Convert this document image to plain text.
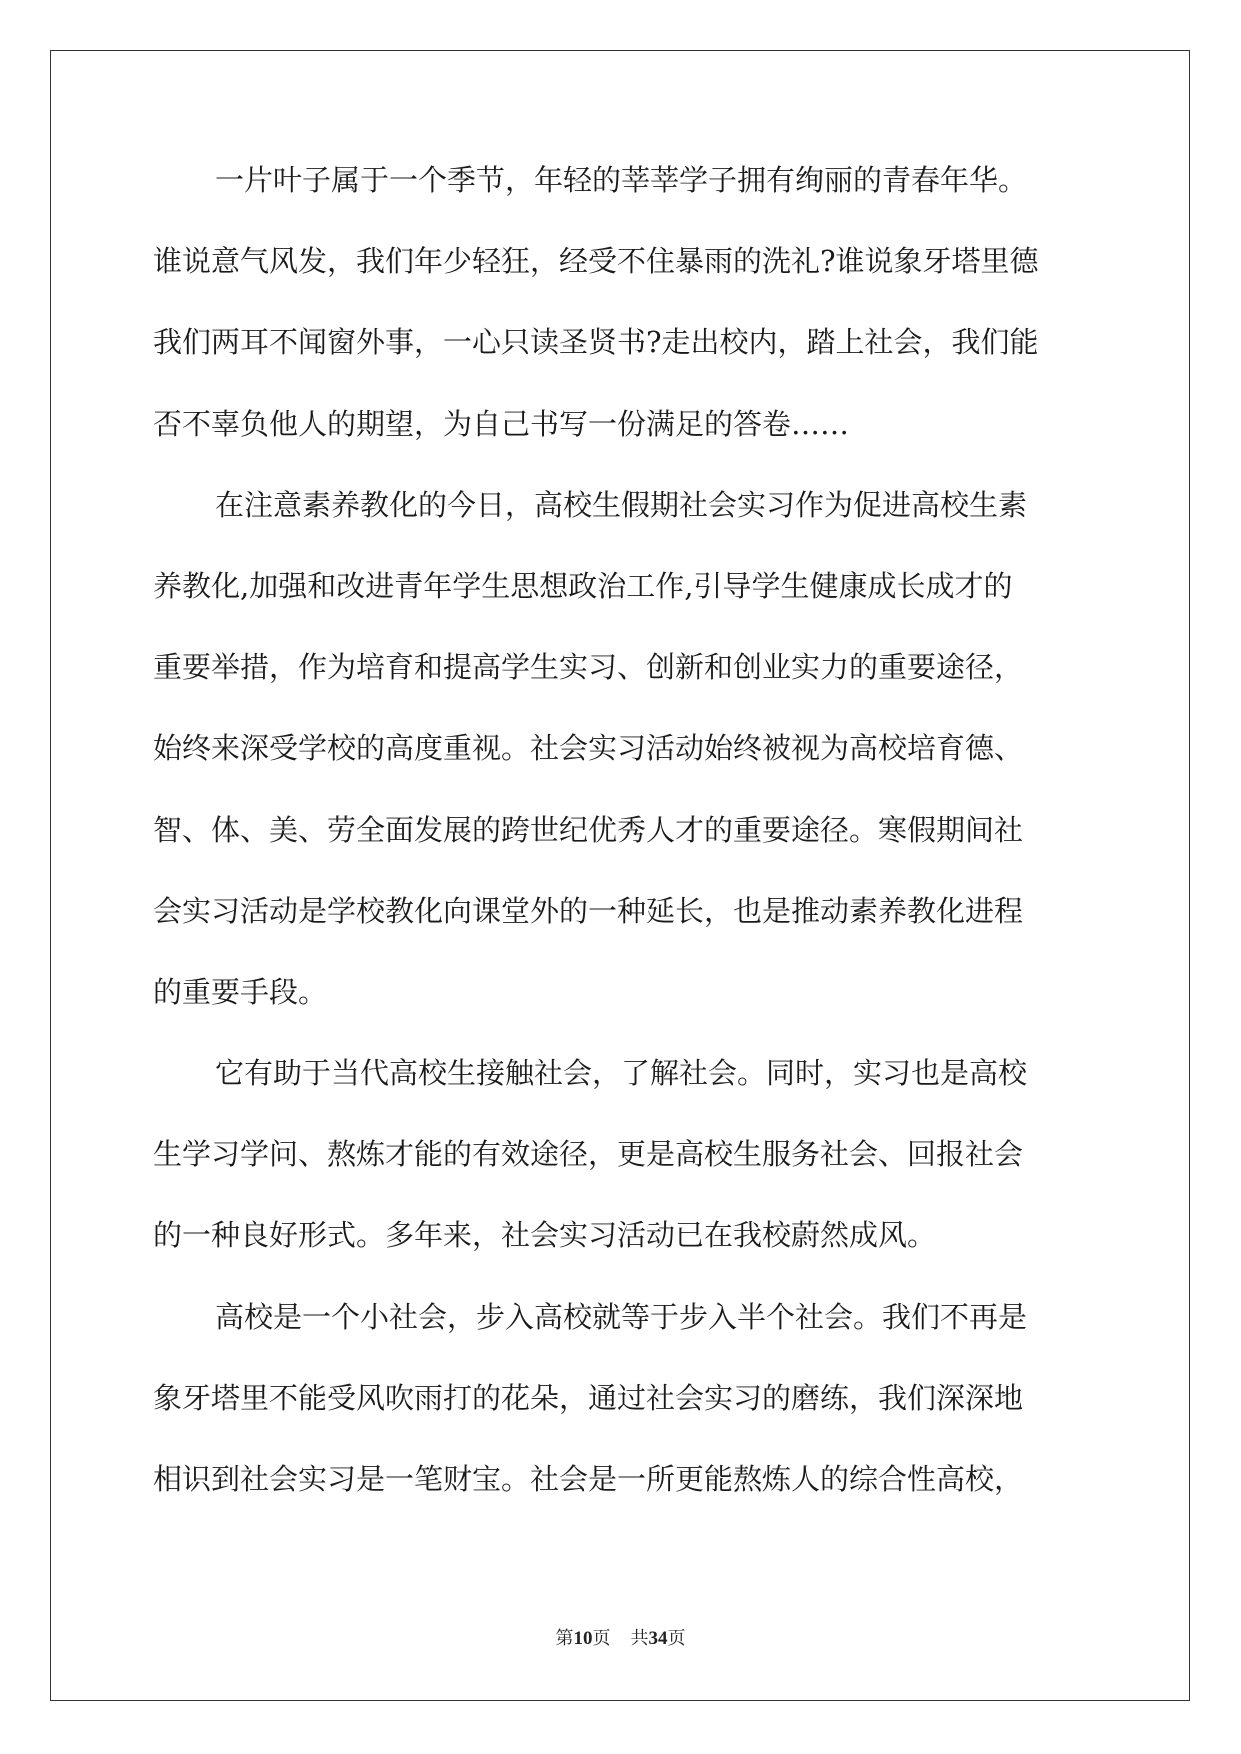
一片叶子属于一个季节，年轻的莘莘学子拥有绚丽的青春年华。
谁说意气风发，我们年少轻狂，经受不住暴雨的洗礼?谁说象牙塔里德
我们两耳不闻窗外事，一心只读圣贤书?走出校内，踏上社会，我们能
否不辜负他人的期望，为自己书写一份满足的答卷……
在注意素养教化的今日，高校生假期社会实习作为促进高校生素
养教化,加强和改进青年学生思想政治工作,引导学生健康成长成才的
重要举措，作为培育和提高学生实习、创新和创业实力的重要途径，
始终来深受学校的高度重视。社会实习活动始终被视为高校培育德、
智、体、美、劳全面发展的跨世纪优秀人才的重要途径。寒假期间社
会实习活动是学校教化向课堂外的一种延长，也是推动素养教化进程
的重要手段。
它有助于当代高校生接触社会，了解社会。同时，实习也是高校
生学习学问、熬炼才能的有效途径，更是高校生服务社会、回报社会
的一种良好形式。多年来，社会实习活动已在我校蔚然成风。
高校是一个小社会，步入高校就等于步入半个社会。我们不再是
象牙塔里不能受风吹雨打的花朵，通过社会实习的磨练，我们深深地
相识到社会实习是一笔财宝。社会是一所更能熬炼人的综合性高校，
第10页 共34页
